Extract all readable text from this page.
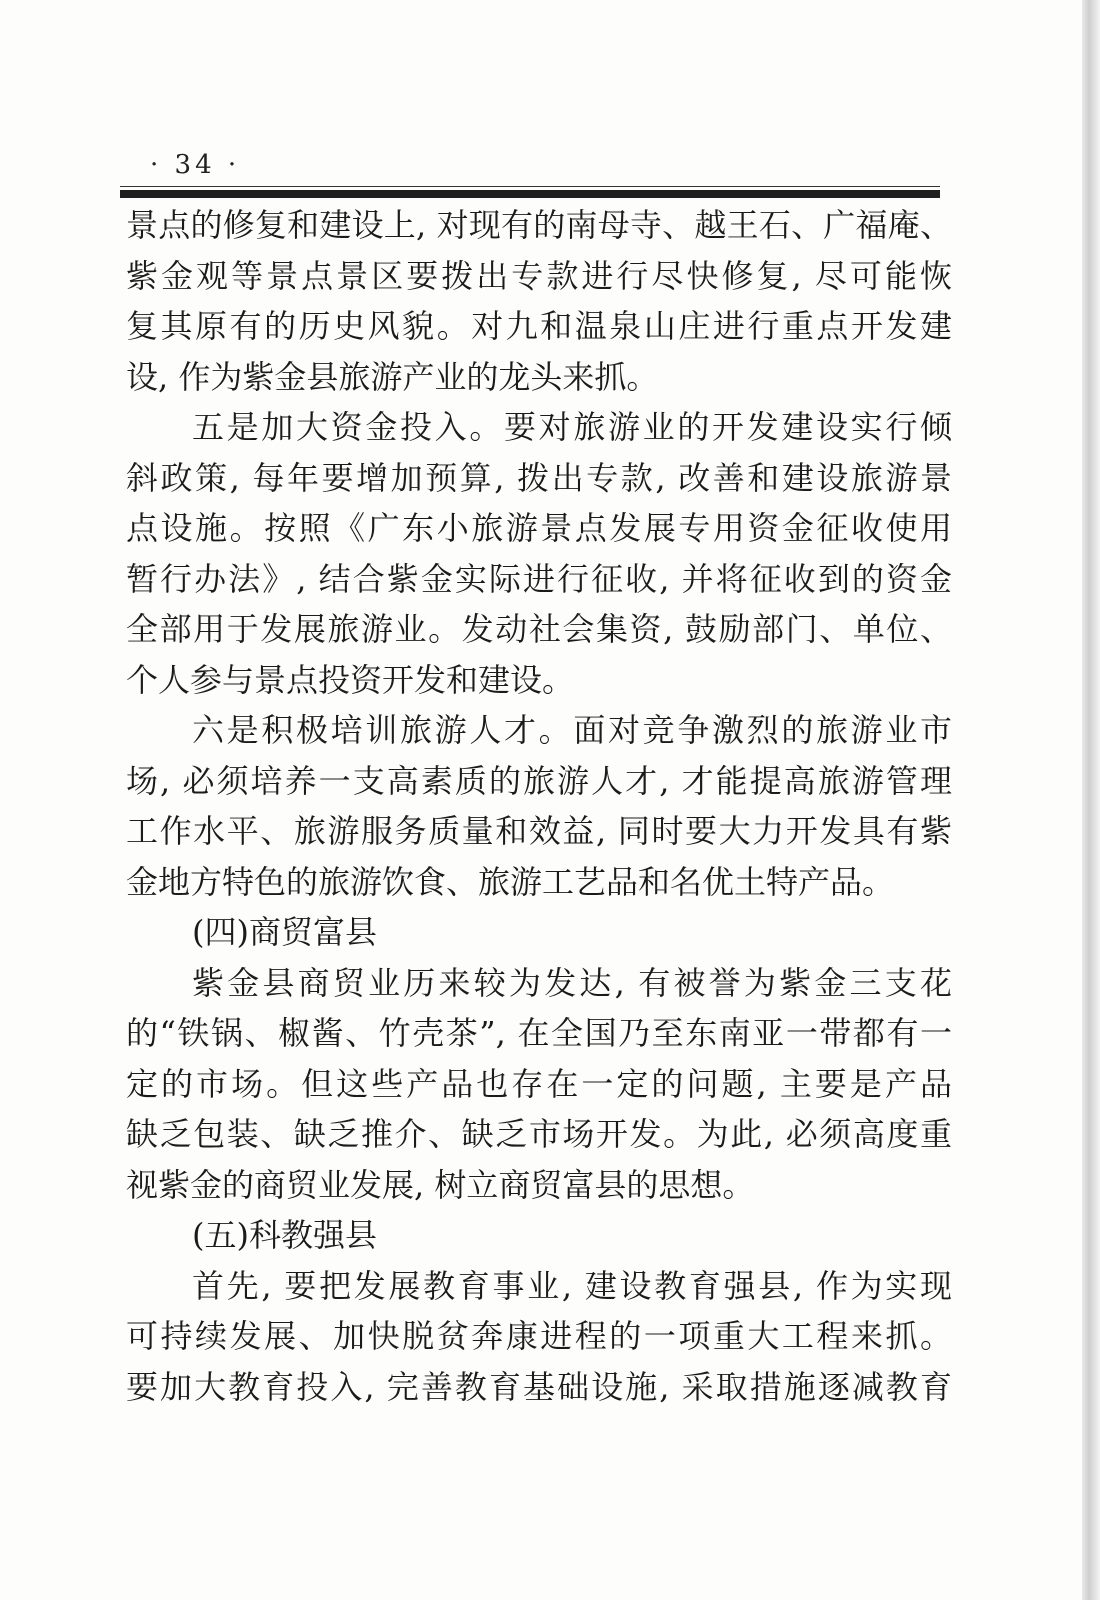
· 34 ·
景点的修复和建设上, 对现有的南母寺、越王石、广福庵、
紫金观等景点景区要拨出专款进行尽快修复, 尽可能恢
复其原有的历史风貌。对九和温泉山庄进行重点开发建
设, 作为紫金县旅游产业的龙头来抓。
五是加大资金投入。要对旅游业的开发建设实行倾
斜政策, 每年要增加预算, 拨出专款, 改善和建设旅游景
点设施。按照《广东小旅游景点发展专用资金征收使用
暂行办法》, 结合紫金实际进行征收, 并将征收到的资金
全部用于发展旅游业。发动社会集资, 鼓励部门、单位、
个人参与景点投资开发和建设。
六是积极培训旅游人才。面对竞争激烈的旅游业市
场, 必须培养一支高素质的旅游人才, 才能提高旅游管理
工作水平、旅游服务质量和效益, 同时要大力开发具有紫
金地方特色的旅游饮食、旅游工艺品和名优土特产品。
(四)商贸富县
紫金县商贸业历来较为发达, 有被誉为紫金三支花
的“铁锅、椒酱、竹壳茶”, 在全国乃至东南亚一带都有一
定的市场。但这些产品也存在一定的问题, 主要是产品
缺乏包装、缺乏推介、缺乏市场开发。为此, 必须高度重
视紫金的商贸业发展, 树立商贸富县的思想。
(五)科教强县
首先, 要把发展教育事业, 建设教育强县, 作为实现
可持续发展、加快脱贫奔康进程的一项重大工程来抓。
要加大教育投入, 完善教育基础设施, 采取措施逐减教育
